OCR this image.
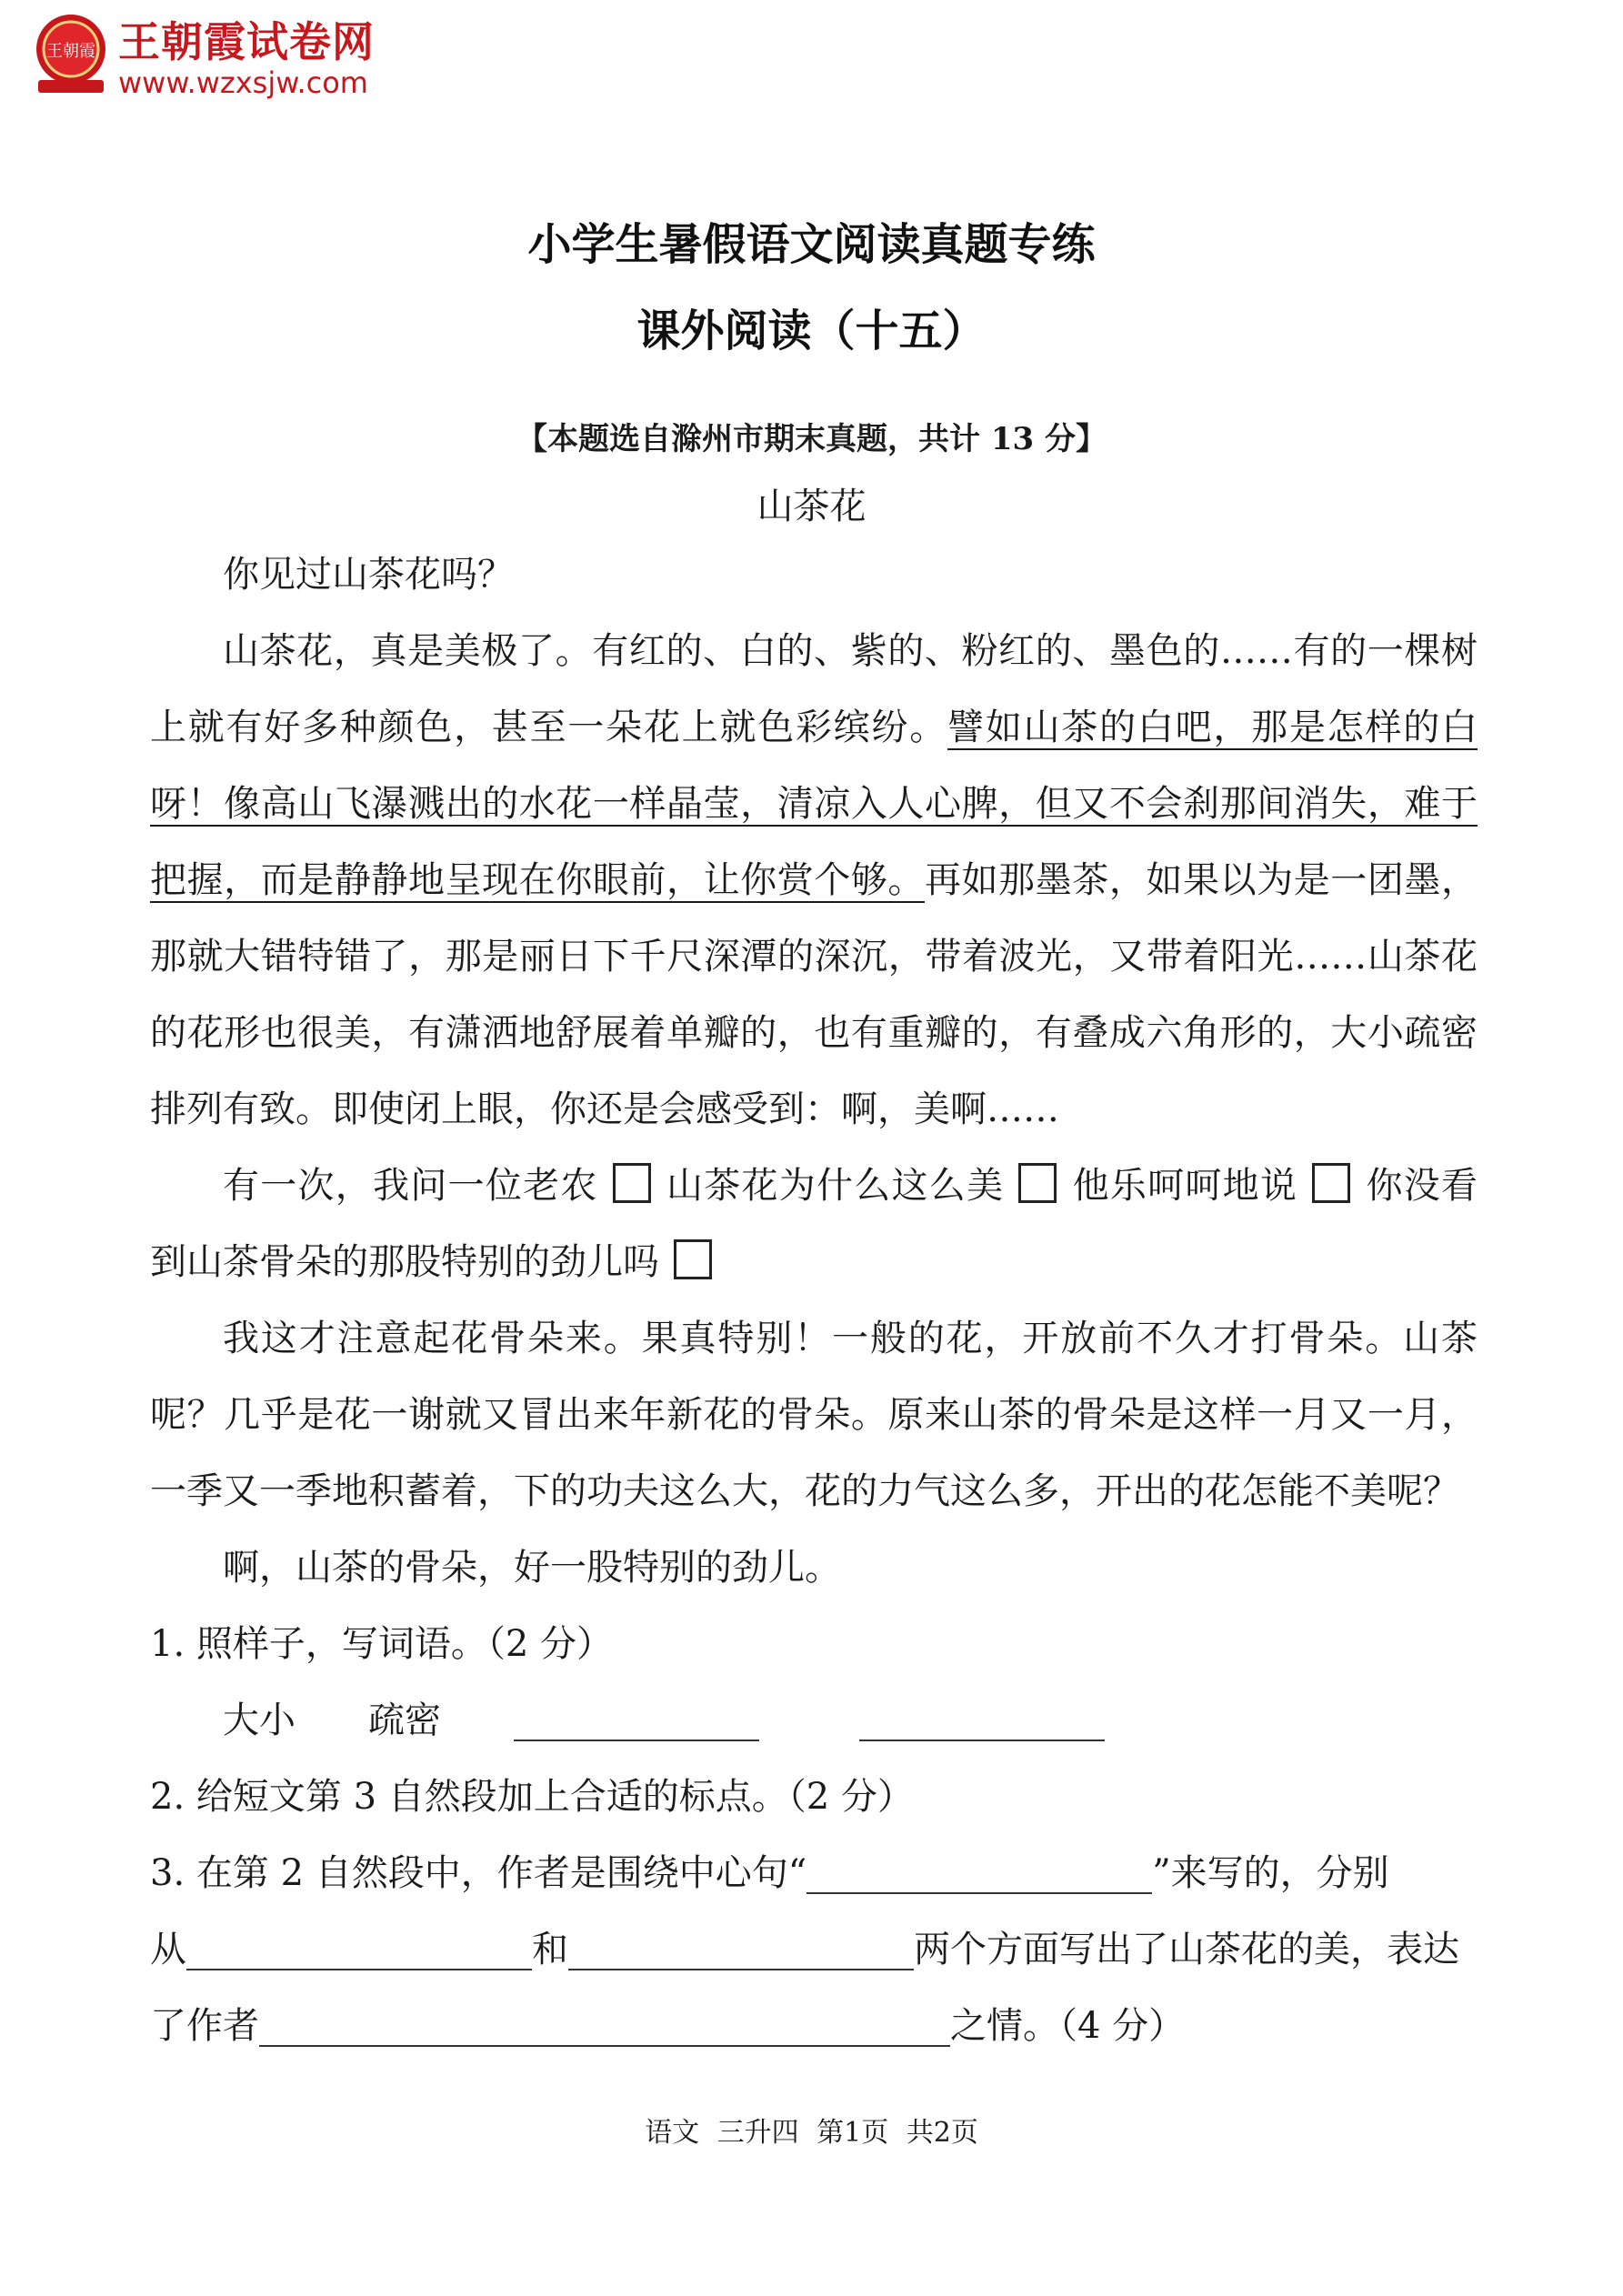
王朝霞 王朝霞试卷网
www.wzxsjw.com
小学生暑假语文阅读真题专练
课外阅读（十五）
【本题选自滁州市期末真题，共计 13 分】
山茶花

你见过山茶花吗？

山茶花，真是美极了。有红的、白的、紫的、粉红的、墨色的……有的一棵树上就有好多种颜色，甚至一朵花上就色彩缤纷。譬如山茶的白吧，那是怎样的白呀！像高山飞瀑溅出的水花一样晶莹，清凉入人心脾，但又不会刹那间消失，难于把握，而是静静地呈现在你眼前，让你赏个够。再如那墨茶，如果以为是一团墨，那就大错特错了，那是丽日下千尺深潭的深沉，带着波光，又带着阳光……山茶花的花形也很美，有潇洒地舒展着单瓣的，也有重瓣的，有叠成六角形的，大小疏密排列有致。即使闭上眼，你还是会感受到：啊，美啊……

有一次，我问一位老农 山茶花为什么这么美 他乐呵呵地说 你没看到山茶骨朵的那股特别的劲儿吗

我这才注意起花骨朵来。果真特别！一般的花，开放前不久才打骨朵。山茶呢？几乎是花一谢就又冒出来年新花的骨朵。原来山茶的骨朵是这样一月又一月，一季又一季地积蓄着，下的功夫这么大，花的力气这么多，开出的花怎能不美呢？

啊，山茶的骨朵，好一股特别的劲儿。

1. 照样子，写词语。（2 分）

大小 疏密

2. 给短文第 3 自然段加上合适的标点。（2 分）

3. 在第 2 自然段中，作者是围绕中心句“	”来写的，分别

从	和	两个方面写出了山茶花的美，表达

了作者	之情。（4 分）

语文 三升四 第1页 共2页
